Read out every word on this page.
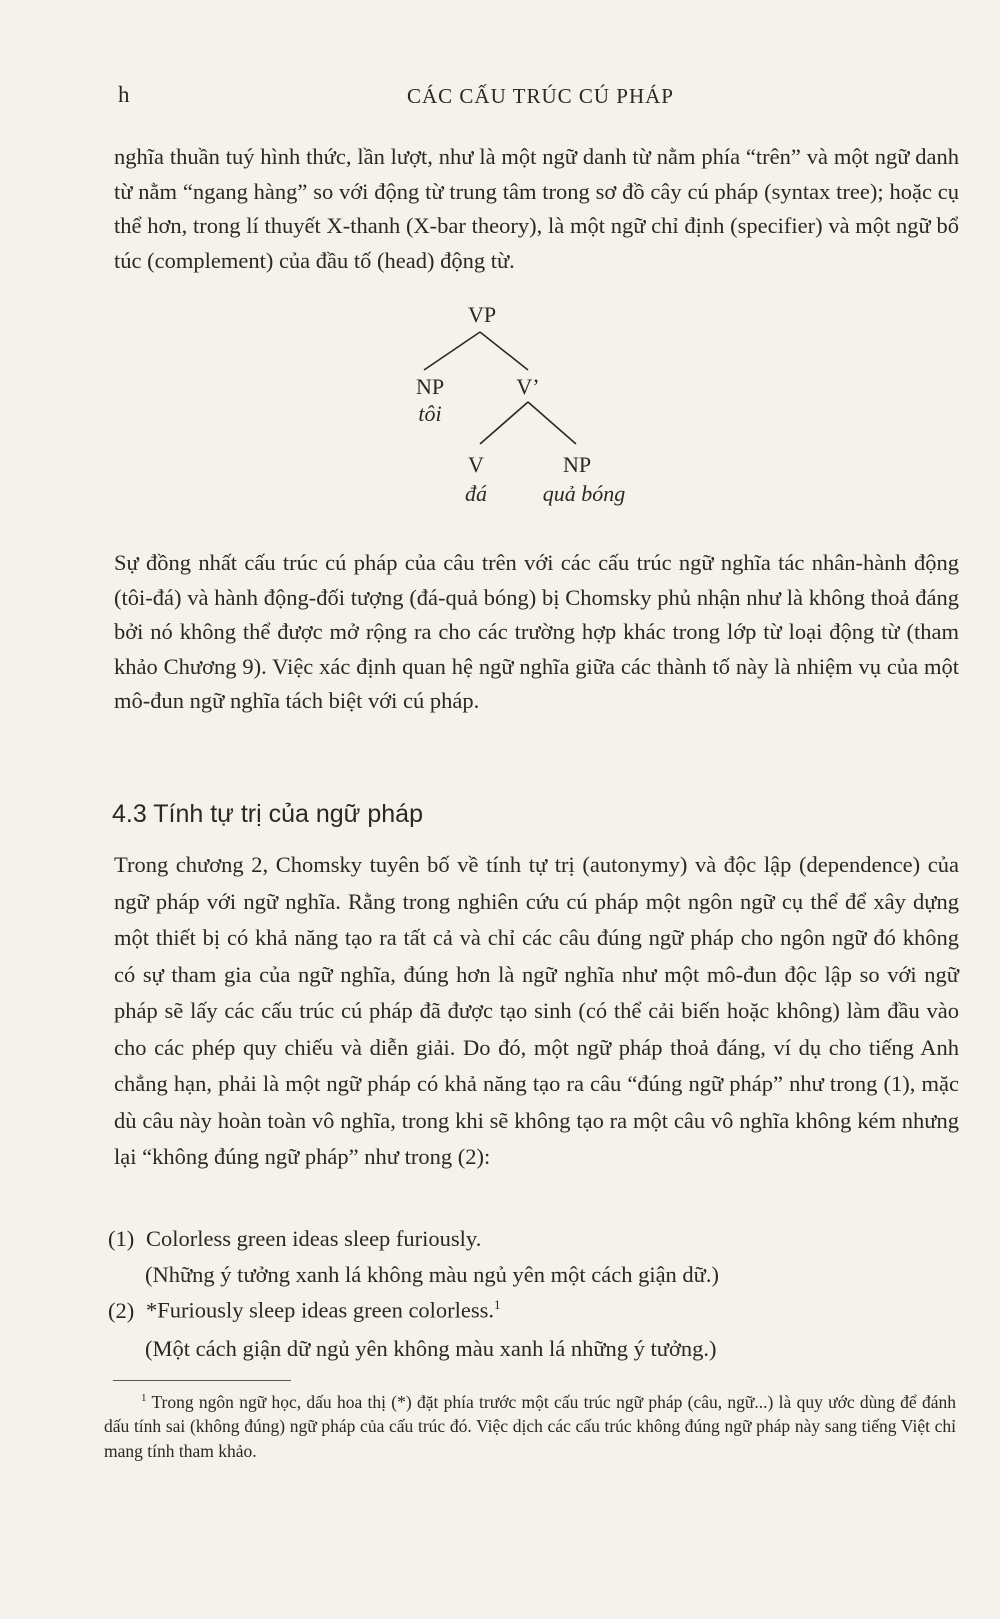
h	CÁC CẤU TRÚC CÚ PHÁP

nghĩa thuần tuý hình thức, lần lượt, như là một ngữ danh từ nằm phía “trên” và một ngữ danh từ nằm “ngang hàng” so với động từ trung tâm trong sơ đồ cây cú pháp (syntax tree); hoặc cụ thể hơn, trong lí thuyết X-thanh (X-bar theory), là một ngữ chỉ định (specifier) và một ngữ bổ túc (complement) của đầu tố (head) động từ.

VP
NP
tôi
V’
V
đá
NP
quả bóng

Sự đồng nhất cấu trúc cú pháp của câu trên với các cấu trúc ngữ nghĩa tác nhân-hành động (tôi-đá) và hành động-đối tượng (đá-quả bóng) bị Chomsky phủ nhận như là không thoả đáng bởi nó không thể được mở rộng ra cho các trường hợp khác trong lớp từ loại động từ (tham khảo Chương 9). Việc xác định quan hệ ngữ nghĩa giữa các thành tố này là nhiệm vụ của một mô-đun ngữ nghĩa tách biệt với cú pháp.

4.3 Tính tự trị của ngữ pháp

Trong chương 2, Chomsky tuyên bố về tính tự trị (autonymy) và độc lập (dependence) của ngữ pháp với ngữ nghĩa. Rằng trong nghiên cứu cú pháp một ngôn ngữ cụ thể để xây dựng một thiết bị có khả năng tạo ra tất cả và chỉ các câu đúng ngữ pháp cho ngôn ngữ đó không có sự tham gia của ngữ nghĩa, đúng hơn là ngữ nghĩa như một mô-đun độc lập so với ngữ pháp sẽ lấy các cấu trúc cú pháp đã được tạo sinh (có thể cải biến hoặc không) làm đầu vào cho các phép quy chiếu và diễn giải. Do đó, một ngữ pháp thoả đáng, ví dụ cho tiếng Anh chẳng hạn, phải là một ngữ pháp có khả năng tạo ra câu “đúng ngữ pháp” như trong (1), mặc dù câu này hoàn toàn vô nghĩa, trong khi sẽ không tạo ra một câu vô nghĩa không kém nhưng lại “không đúng ngữ pháp” như trong (2):

(1) Colorless green ideas sleep furiously.
(Những ý tưởng xanh lá không màu ngủ yên một cách giận dữ.)
(2) *Furiously sleep ideas green colorless.$^1$
(Một cách giận dữ ngủ yên không màu xanh lá những ý tưởng.)

$^1$ Trong ngôn ngữ học, dấu hoa thị (*) đặt phía trước một cấu trúc ngữ pháp (câu, ngữ...) là quy ước dùng để đánh dấu tính sai (không đúng) ngữ pháp của cấu trúc đó. Việc dịch các cấu trúc không đúng ngữ pháp này sang tiếng Việt chỉ mang tính tham khảo.
